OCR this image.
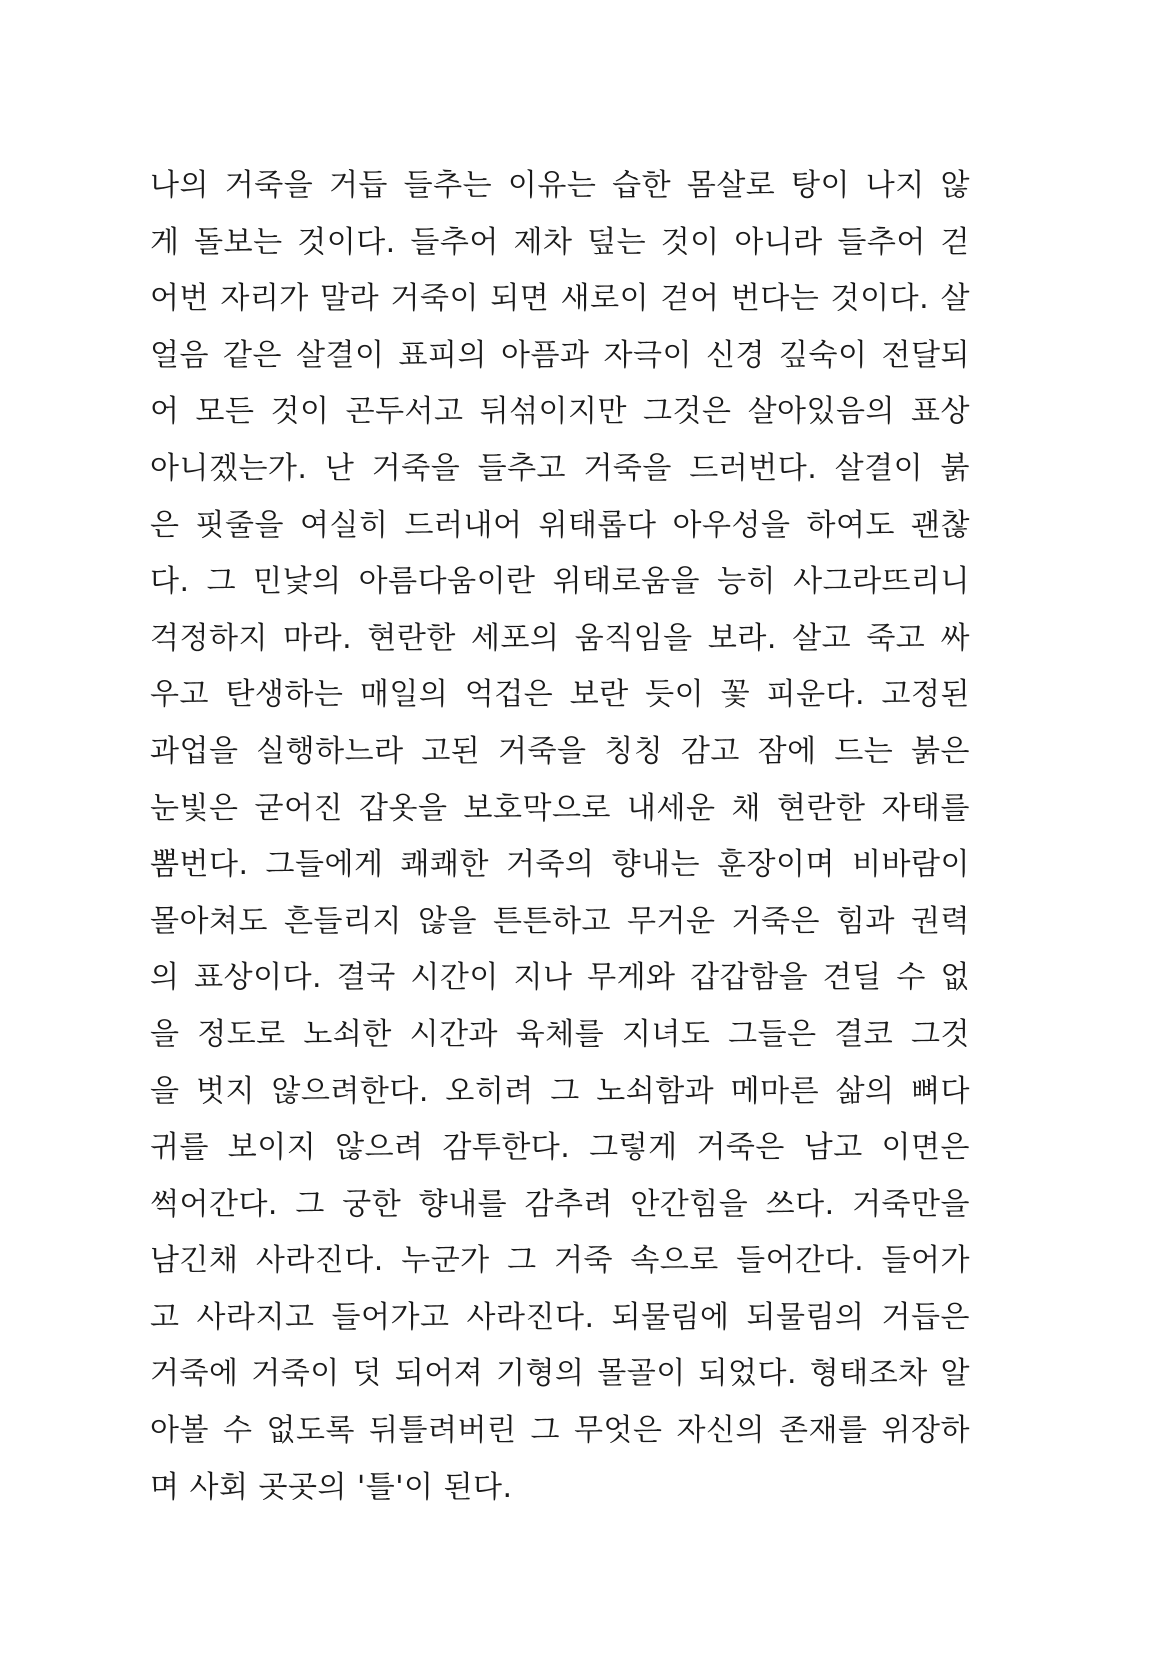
나의 거죽을 거듭 들추는 이유는 습한 몸살로 탕이 나지 않
게 돌보는 것이다. 들추어 제차 덮는 것이 아니라 들추어 걷
어번 자리가 말라 거죽이 되면 새로이 걷어 번다는 것이다. 살
얼음 같은 살결이 표피의 아픔과 자극이 신경 깊숙이 전달되
어 모든 것이 곤두서고 뒤섞이지만 그것은 살아있음의 표상
아니겠는가. 난 거죽을 들추고 거죽을 드러번다. 살결이 붉
은 핏줄을 여실히 드러내어 위태롭다 아우성을 하여도 괜찮
다. 그 민낯의 아름다움이란 위태로움을 능히 사그라뜨리니
걱정하지 마라. 현란한 세포의 움직임을 보라. 살고 죽고 싸
우고 탄생하는 매일의 억겁은 보란 듯이 꽃 피운다. 고정된
과업을 실행하느라 고된 거죽을 칭칭 감고 잠에 드는 붉은
눈빛은 굳어진 갑옷을 보호막으로 내세운 채 현란한 자태를
뽐번다. 그들에게 쾌쾌한 거죽의 향내는 훈장이며 비바람이
몰아쳐도 흔들리지 않을 튼튼하고 무거운 거죽은 힘과 권력
의 표상이다. 결국 시간이 지나 무게와 갑갑함을 견딜 수 없
을 정도로 노쇠한 시간과 육체를 지녀도 그들은 결코 그것
을 벗지 않으려한다. 오히려 그 노쇠함과 메마른 삶의 뼈다
귀를 보이지 않으려 감투한다. 그렇게 거죽은 남고 이면은
썩어간다. 그 궁한 향내를 감추려 안간힘을 쓰다. 거죽만을
남긴채 사라진다. 누군가 그 거죽 속으로 들어간다. 들어가
고 사라지고 들어가고 사라진다. 되물림에 되물림의 거듭은
거죽에 거죽이 덧 되어져 기형의 몰골이 되었다. 형태조차 알
아볼 수 없도록 뒤틀려버린 그 무엇은 자신의 존재를 위장하
며 사회 곳곳의 '틀'이 된다.
